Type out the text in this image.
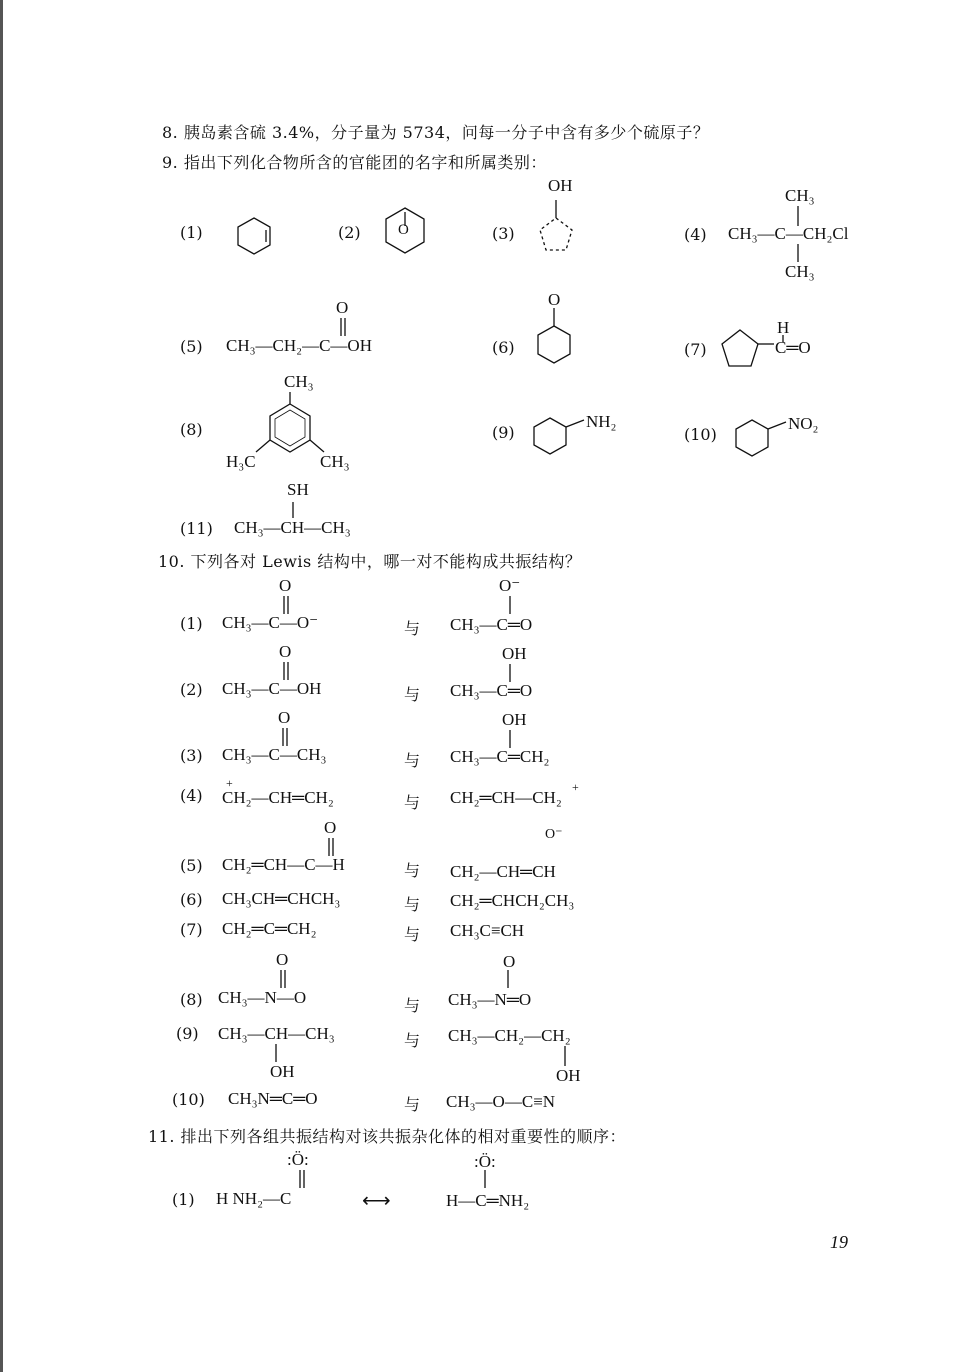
8. 胰岛素含硫 3.4%，分子量为 5734，问每一分子中含有多少个硫原子？
9. 指出下列化合物所含的官能团的名字和所属类别：
10. 下列各对 Lewis 结构中，哪一对不能构成共振结构？
11. 排出下列各组共振结构对该共振杂化体的相对重要性的顺序：
(1)	(2) O	(3)
OH
(4)
CH₃
CH₃—C—CH₂Cl
CH₃
(5)
O
CH₃—CH₂—C—OH	(6)
O
(7)
H
C═O
(8)
CH₃
H₃C	CH₃
(9)
NH₂
(10)
NO₂
SH
(11) CH₃—CH—CH₃
O
(1) CH₃—C—O⁻	与
O⁻
CH₃—C═O
O
(2) CH₃—C—OH	与
OH
CH₃—C═O
O
(3) CH₃—C—CH₃	与
OH
CH₃—C═CH₂
+
(4) CH₂—CH═CH₂	与
+
CH₂═CH—CH₂
O
(5) CH₂═CH—C—H	与
O⁻
CH₂—CH═CH
(6) CH₃CH═CHCH₃	与 CH₂═CHCH₂CH₃
(7) CH₂═C═CH₂	与 CH₃C≡CH
O
(8) CH₃—N—O	与
O
CH₃—N═O
(9) CH₃—CH—CH₃
OH
与 CH₃—CH₂—CH₂
OH
(10) CH₃N═C═O	与 CH₃—O—C≡N
:Ö:
(1) H NH₂—C	⟷
:Ö:
H—C═NH₂
19
